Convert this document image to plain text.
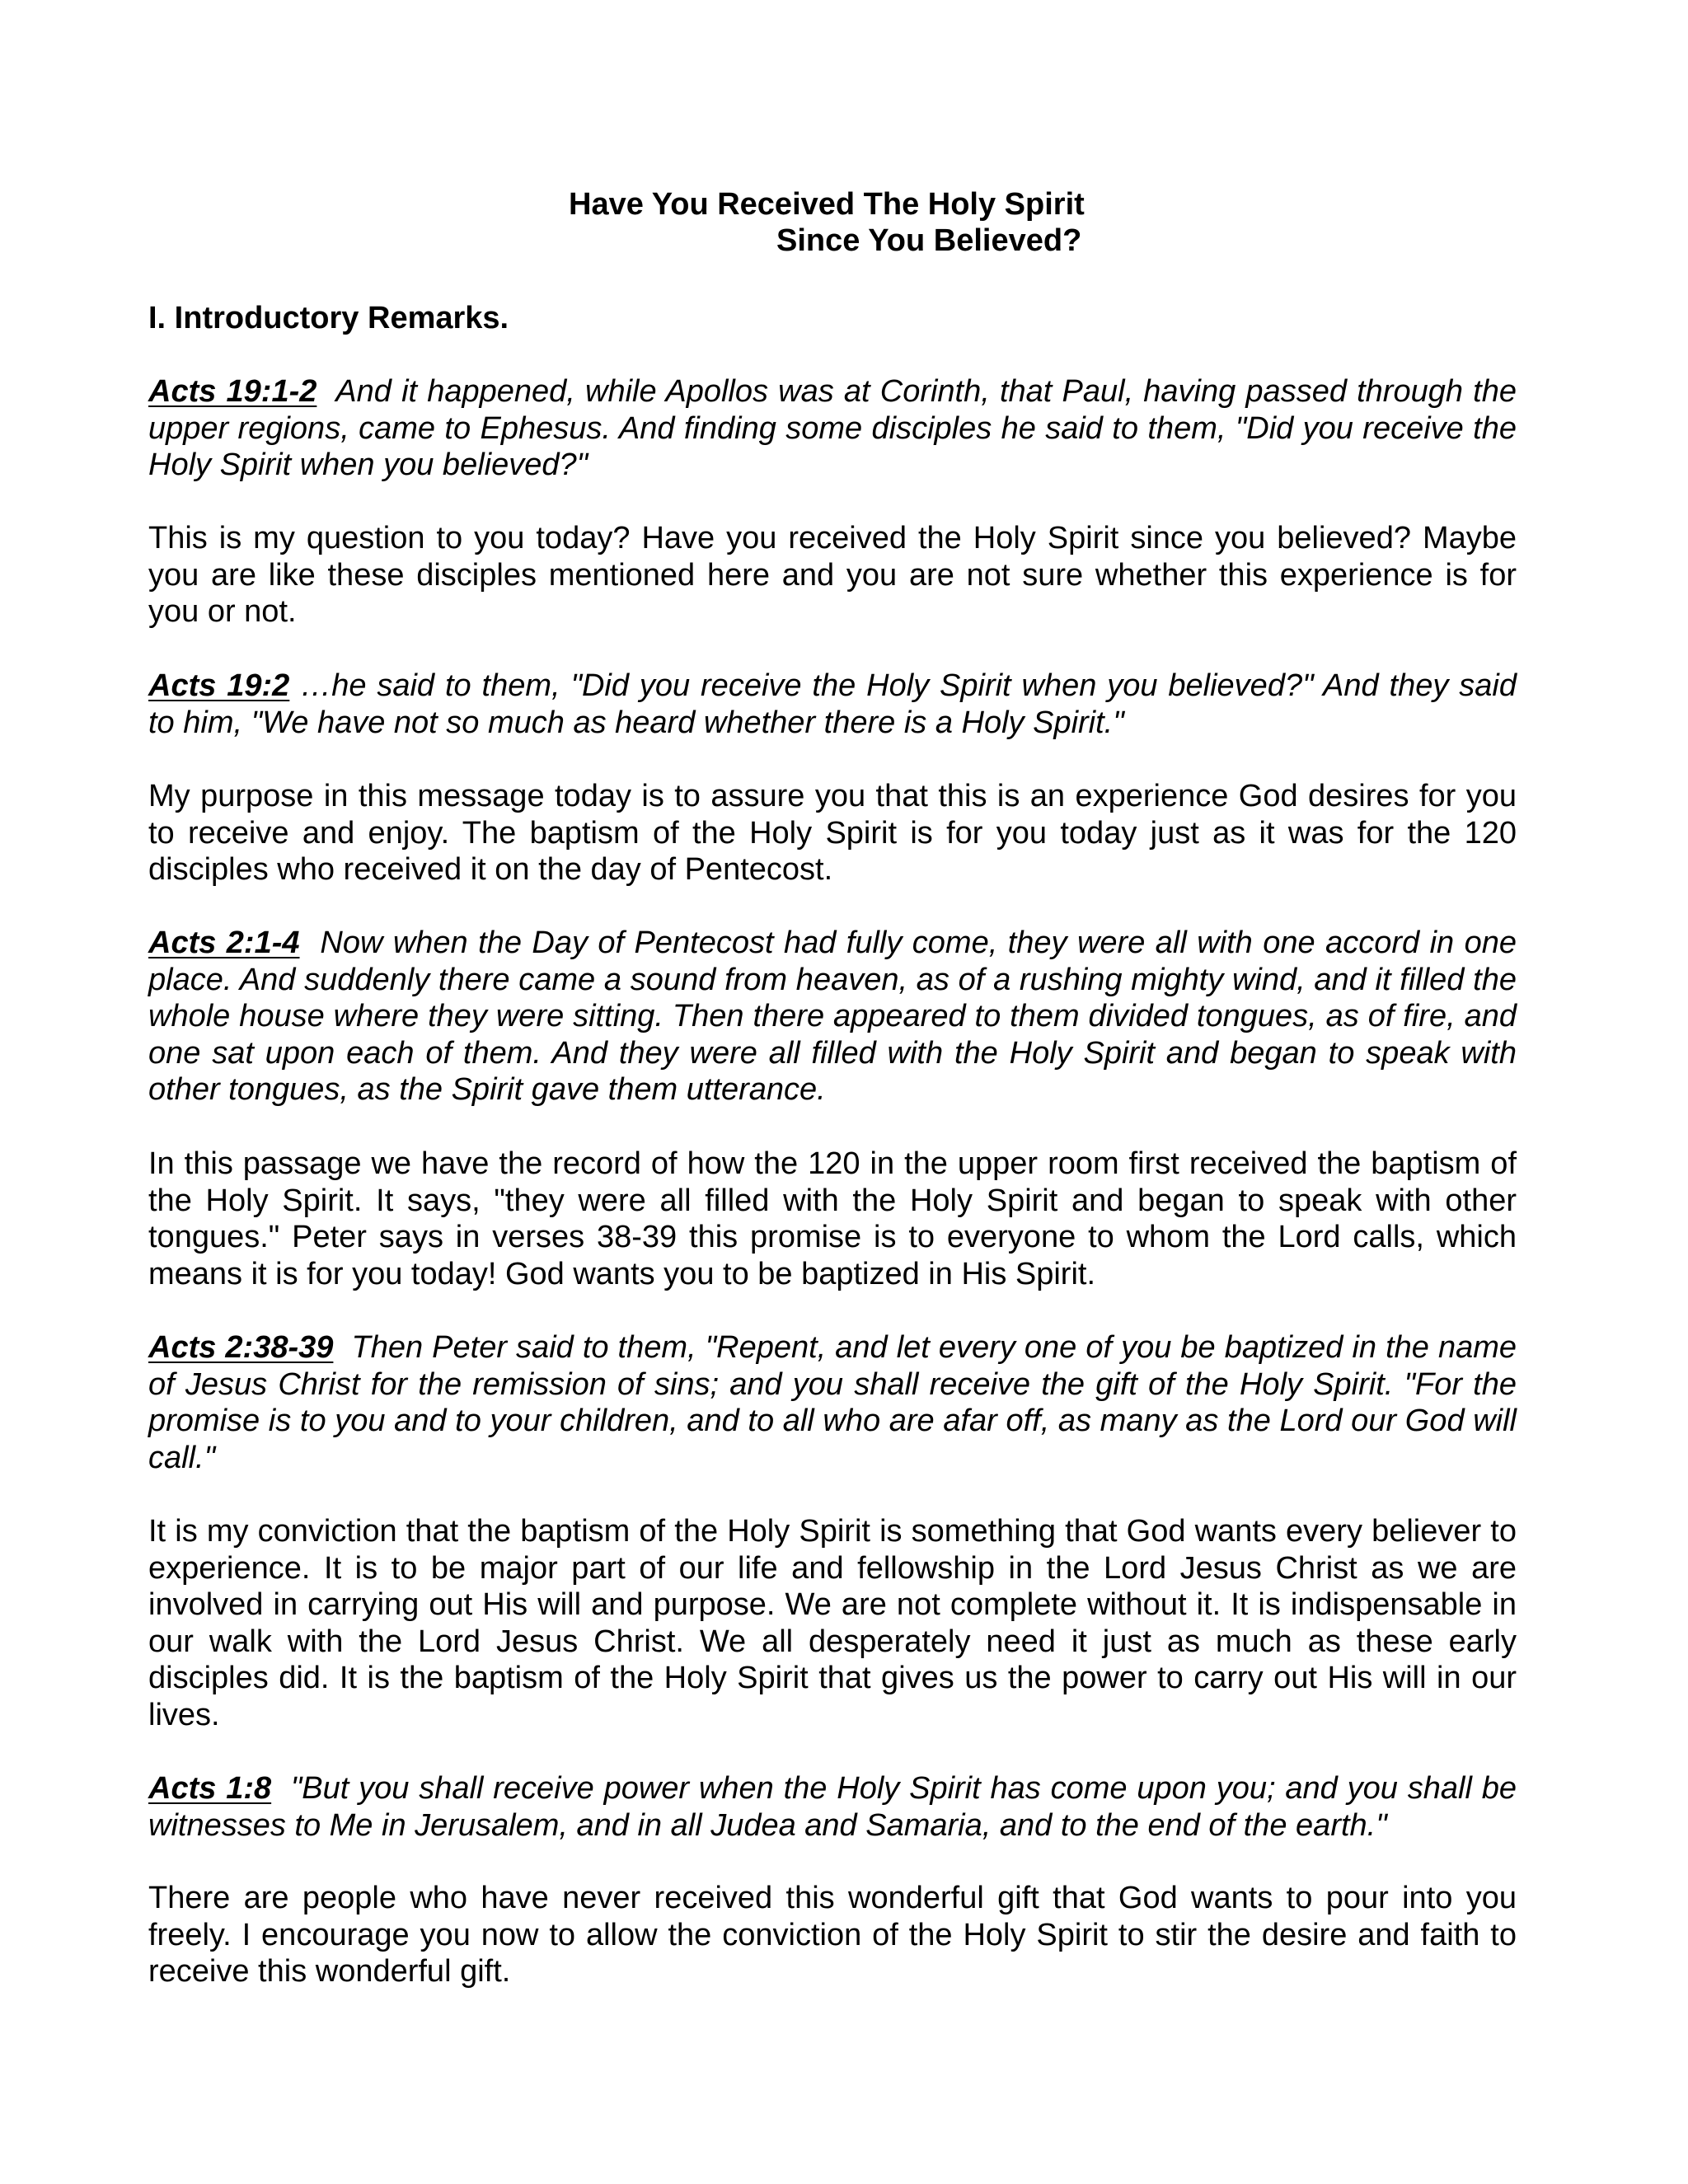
Have You Received The Holy Spirit
Since You Believed?
I. Introductory Remarks.
Acts 19:1-2 And it happened, while Apollos was at Corinth, that Paul, having passed through the upper regions, came to Ephesus. And finding some disciples he said to them, "Did you receive the Holy Spirit when you believed?"
This is my question to you today? Have you received the Holy Spirit since you believed? Maybe you are like these disciples mentioned here and you are not sure whether this experience is for you or not.
Acts 19:2 …he said to them, "Did you receive the Holy Spirit when you believed?" And they said to him, "We have not so much as heard whether there is a Holy Spirit."
My purpose in this message today is to assure you that this is an experience God desires for you to receive and enjoy. The baptism of the Holy Spirit is for you today just as it was for the 120 disciples who received it on the day of Pentecost.
Acts 2:1-4 Now when the Day of Pentecost had fully come, they were all with one accord in one place. And suddenly there came a sound from heaven, as of a rushing mighty wind, and it filled the whole house where they were sitting. Then there appeared to them divided tongues, as of fire, and one sat upon each of them. And they were all filled with the Holy Spirit and began to speak with other tongues, as the Spirit gave them utterance.
In this passage we have the record of how the 120 in the upper room first received the baptism of the Holy Spirit. It says, "they were all filled with the Holy Spirit and began to speak with other tongues." Peter says in verses 38-39 this promise is to everyone to whom the Lord calls, which means it is for you today! God wants you to be baptized in His Spirit.
Acts 2:38-39 Then Peter said to them, "Repent, and let every one of you be baptized in the name of Jesus Christ for the remission of sins; and you shall receive the gift of the Holy Spirit. "For the promise is to you and to your children, and to all who are afar off, as many as the Lord our God will call."
It is my conviction that the baptism of the Holy Spirit is something that God wants every believer to experience. It is to be major part of our life and fellowship in the Lord Jesus Christ as we are involved in carrying out His will and purpose. We are not complete without it. It is indispensable in our walk with the Lord Jesus Christ. We all desperately need it just as much as these early disciples did. It is the baptism of the Holy Spirit that gives us the power to carry out His will in our lives.
Acts 1:8 "But you shall receive power when the Holy Spirit has come upon you; and you shall be witnesses to Me in Jerusalem, and in all Judea and Samaria, and to the end of the earth."
There are people who have never received this wonderful gift that God wants to pour into you freely. I encourage you now to allow the conviction of the Holy Spirit to stir the desire and faith to receive this wonderful gift.
